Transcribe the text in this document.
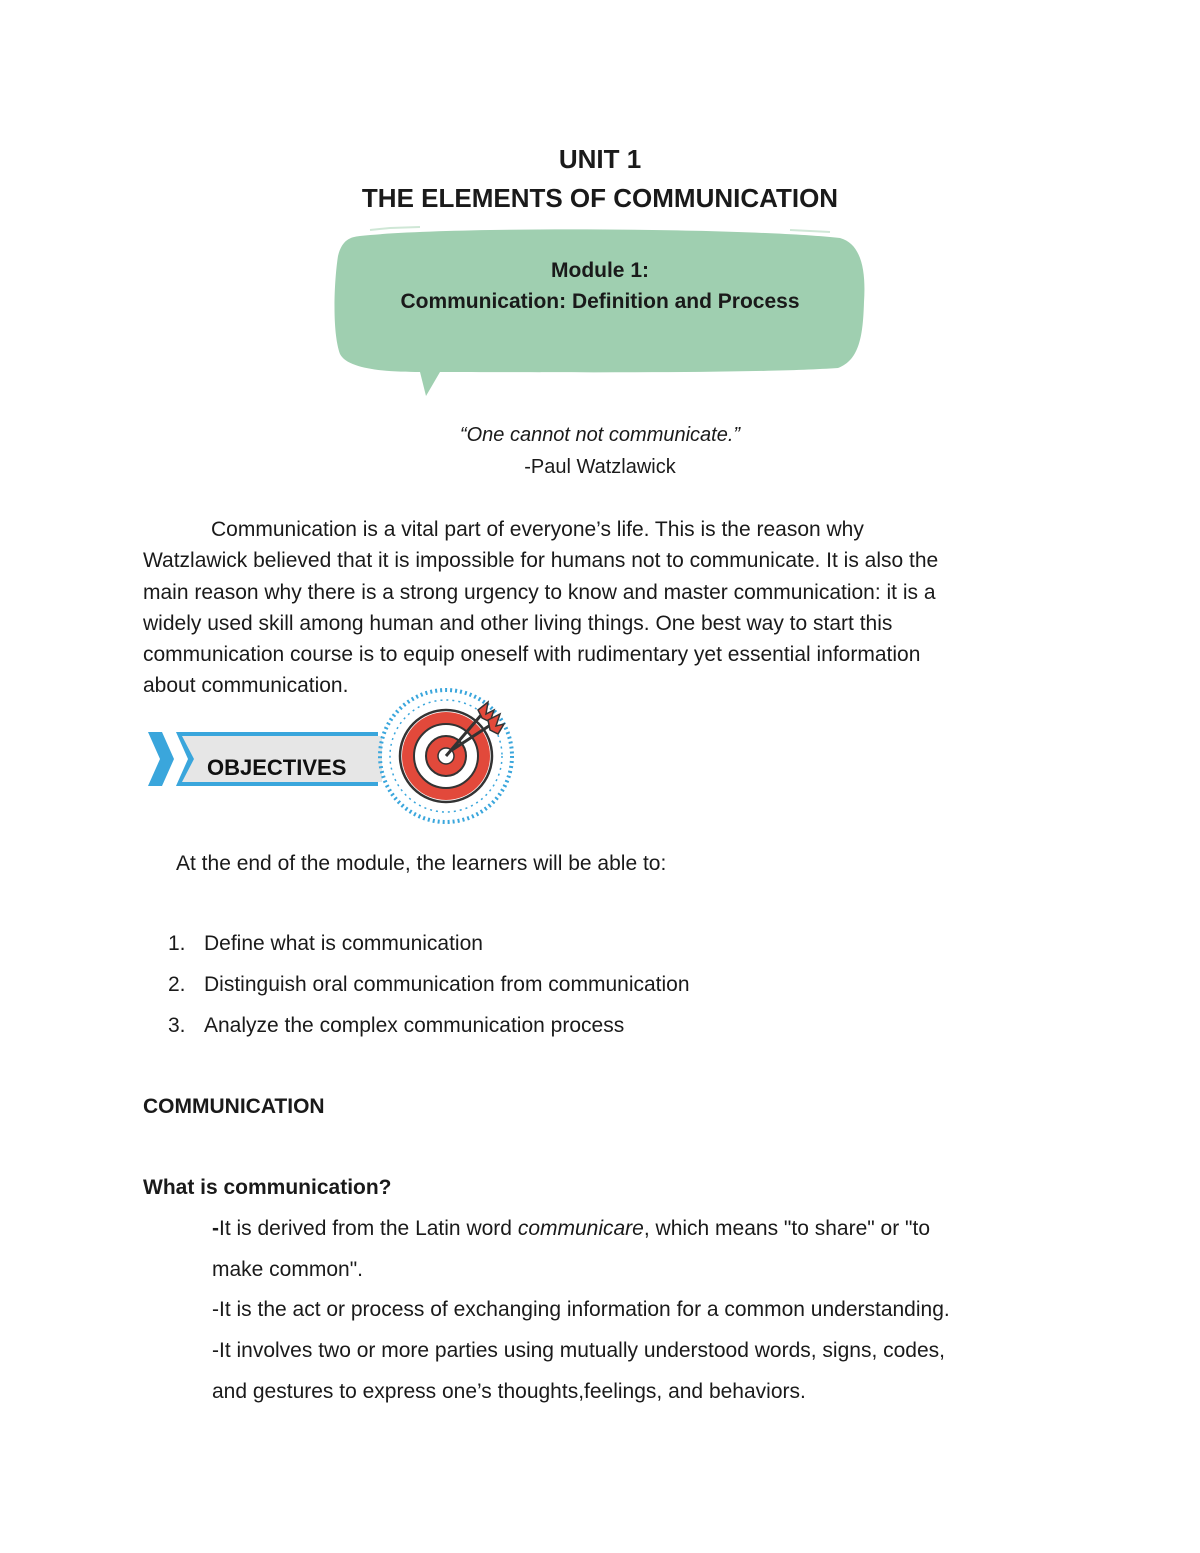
UNIT 1
THE ELEMENTS OF COMMUNICATION
Module 1:
Communication: Definition and Process
“One cannot not communicate.”
-Paul Watzlawick
Communication is a vital part of everyone’s life. This is the reason why
Watzlawick believed that it is impossible for humans not to communicate. It is also the
main reason why there is a strong urgency to know and master communication: it is a
widely used skill among human and other living things. One best way to start this
communication course is to equip oneself with rudimentary yet essential information
about communication.
OBJECTIVES
At the end of the module, the learners will be able to:
1. Define what is communication
2. Distinguish oral communication from communication
3. Analyze the complex communication process
COMMUNICATION
What is communication?
-It is derived from the Latin word communicare, which means "to share" or "to
make common".
-It is the act or process of exchanging information for a common understanding.
-It involves two or more parties using mutually understood words, signs, codes,
and gestures to express one’s thoughts,feelings, and behaviors.
